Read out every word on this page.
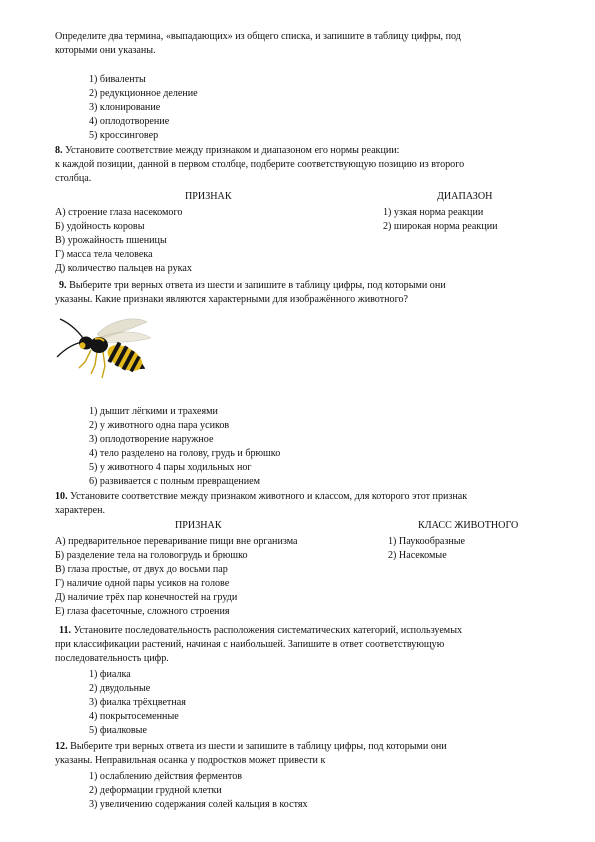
Определите два термина, «выпадающих» из общего списка, и запишите в таблицу цифры, под
которыми они указаны.
1) биваленты
2) редукционное деление
3) клонирование
4) оплодотворение
5) кроссинговер
8. Установите соответствие между признаком и диапазоном его нормы реакции:
к каждой позиции, данной в первом столбце, подберите соответствующую позицию из второго
столбца.
ПРИЗНАК	ДИАПАЗОН
А) строение глаза насекомого
Б) удойность коровы
В) урожайность пшеницы
Г) масса тела человека
Д) количество пальцев на руках
1) узкая норма реакции
2) широкая норма реакции
9. Выберите три верных ответа из шести и запишите в таблицу цифры, под которыми они
указаны. Какие признаки являются характерными для изображённого животного?
1) дышит лёгкими и трахеями
2) у животного одна пара усиков
3) оплодотворение наружное
4) тело разделено на голову, грудь и брюшко
5) у животного 4 пары ходильных ног
6) развивается с полным превращением
10. Установите соответствие между признаком животного и классом, для которого этот признак
характерен.
ПРИЗНАК	КЛАСС ЖИВОТНОГО
А) предварительное переваривание пищи вне организма
Б) разделение тела на головогрудь и брюшко
В) глаза простые, от двух до восьми пар
Г) наличие одной пары усиков на голове
Д) наличие трёх пар конечностей на груди
Е) глаза фасеточные, сложного строения
1) Паукообразные
2) Насекомые
11. Установите последовательность расположения систематических категорий, используемых
при классификации растений, начиная с наибольшей. Запишите в ответ соответствующую
последовательность цифр.
1) фиалка
2) двудольные
3) фиалка трёхцветная
4) покрытосеменные
5) фиалковые
12. Выберите три верных ответа из шести и запишите в таблицу цифры, под которыми они
указаны. Неправильная осанка у подростков может привести к
1) ослаблению действия ферментов
2) деформации грудной клетки
3) увеличению содержания солей кальция в костях
